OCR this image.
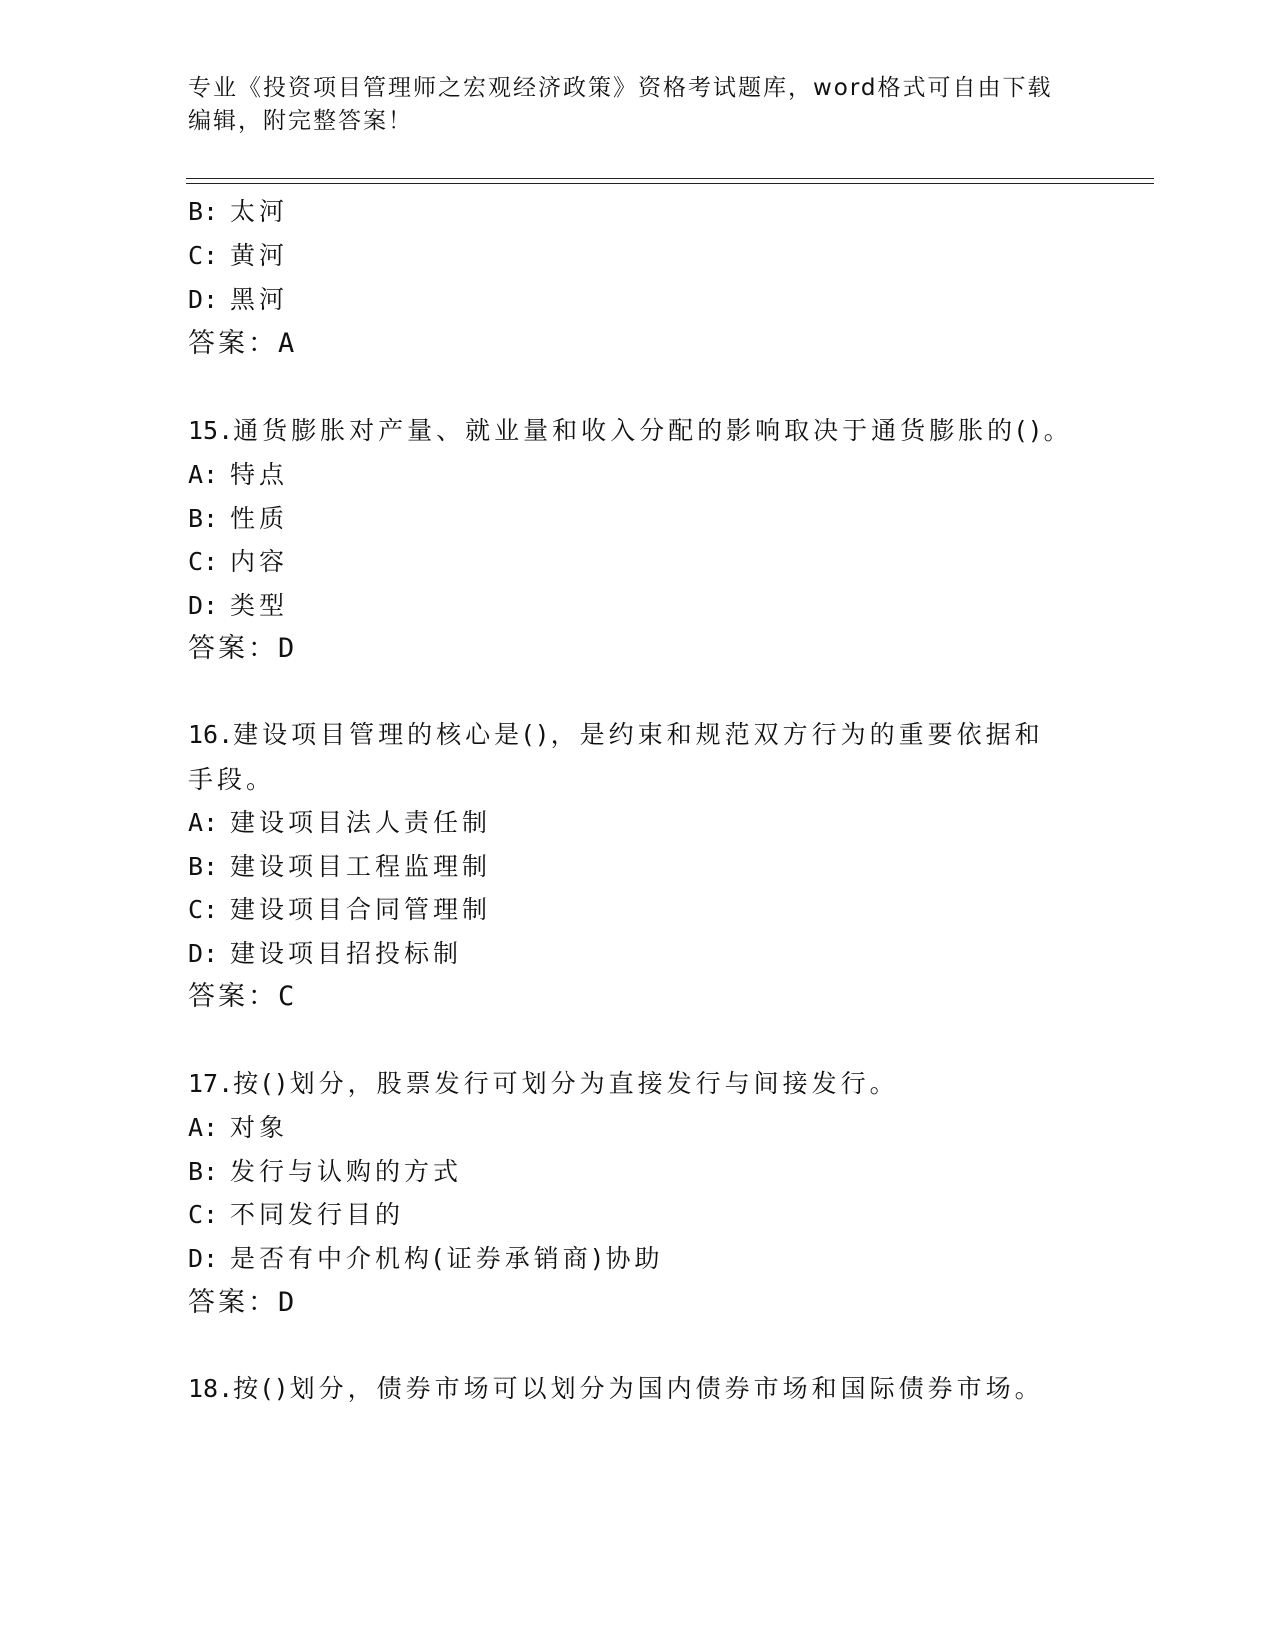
专业《投资项目管理师之宏观经济政策》资格考试题库，word格式可自由下载编辑，附完整答案！
B: 太河
C: 黄河
D: 黑河
答案：A
15.通货膨胀对产量、就业量和收入分配的影响取决于通货膨胀的()。
A: 特点
B: 性质
C: 内容
D: 类型
答案：D
16.建设项目管理的核心是()，是约束和规范双方行为的重要依据和手段。
A: 建设项目法人责任制
B: 建设项目工程监理制
C: 建设项目合同管理制
D: 建设项目招投标制
答案：C
17.按()划分，股票发行可划分为直接发行与间接发行。
A: 对象
B: 发行与认购的方式
C: 不同发行目的
D: 是否有中介机构(证券承销商)协助
答案：D
18.按()划分，债券市场可以划分为国内债券市场和国际债券市场。
